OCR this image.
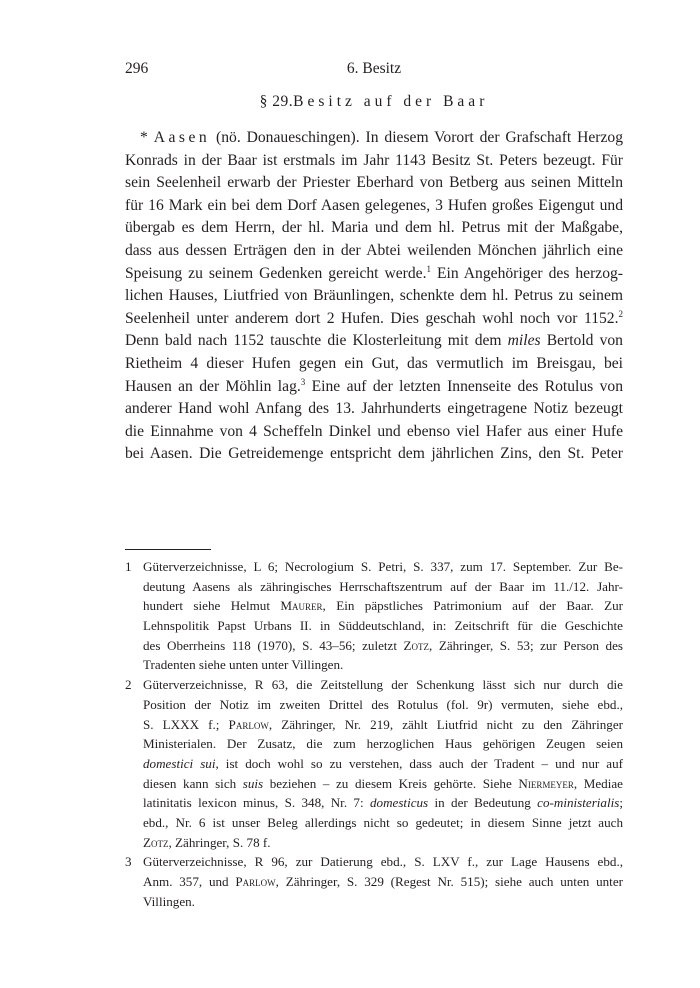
296	6. Besitz
§ 29.Besitz auf der Baar
* Aasen (nö. Donaueschingen). In diesem Vorort der Grafschaft Herzog
Konrads in der Baar ist erstmals im Jahr 1143 Besitz St. Peters bezeugt. Für
sein Seelenheil erwarb der Priester Eberhard von Betberg aus seinen Mitteln
für 16 Mark ein bei dem Dorf Aasen gelegenes, 3 Hufen großes Eigengut und
übergab es dem Herrn, der hl. Maria und dem hl. Petrus mit der Maßgabe,
dass aus dessen Erträgen den in der Abtei weilenden Mönchen jährlich eine
Speisung zu seinem Gedenken gereicht werde.$^1$ Ein Angehöriger des herzog-
lichen Hauses, Liutfried von Bräunlingen, schenkte dem hl. Petrus zu seinem
Seelenheil unter anderem dort 2 Hufen. Dies geschah wohl noch vor 1152.$^2$
Denn bald nach 1152 tauschte die Klosterleitung mit dem miles Bertold von
Rietheim 4 dieser Hufen gegen ein Gut, das vermutlich im Breisgau, bei
Hausen an der Möhlin lag.$^3$ Eine auf der letzten Innenseite des Rotulus von
anderer Hand wohl Anfang des 13. Jahrhunderts eingetragene Notiz bezeugt
die Einnahme von 4 Scheffeln Dinkel und ebenso viel Hafer aus einer Hufe
bei Aasen. Die Getreidemenge entspricht dem jährlichen Zins, den St. Peter
1 Güterverzeichnisse, L 6; Necrologium S. Petri, S. 337, zum 17. September. Zur Be-
deutung Aasens als zähringisches Herrschaftszentrum auf der Baar im 11./12. Jahr-
hundert siehe Helmut Maurer, Ein päpstliches Patrimonium auf der Baar. Zur
Lehnspolitik Papst Urbans II. in Süddeutschland, in: Zeitschrift für die Geschichte
des Oberrheins 118 (1970), S. 43–56; zuletzt Zotz, Zähringer, S. 53; zur Person des
Tradenten siehe unten unter Villingen.
2 Güterverzeichnisse, R 63, die Zeitstellung der Schenkung lässt sich nur durch die
Position der Notiz im zweiten Drittel des Rotulus (fol. 9r) vermuten, siehe ebd.,
S. LXXX f.; Parlow, Zähringer, Nr. 219, zählt Liutfrid nicht zu den Zähringer
Ministerialen. Der Zusatz, die zum herzoglichen Haus gehörigen Zeugen seien
domestici sui, ist doch wohl so zu verstehen, dass auch der Tradent – und nur auf
diesen kann sich suis beziehen – zu diesem Kreis gehörte. Siehe Niermeyer, Mediae
latinitatis lexicon minus, S. 348, Nr. 7: domesticus in der Bedeutung co-ministerialis;
ebd., Nr. 6 ist unser Beleg allerdings nicht so gedeutet; in diesem Sinne jetzt auch
Zotz, Zähringer, S. 78 f.
3 Güterverzeichnisse, R 96, zur Datierung ebd., S. LXV f., zur Lage Hausens ebd.,
Anm. 357, und Parlow, Zähringer, S. 329 (Regest Nr. 515); siehe auch unten unter
Villingen.
